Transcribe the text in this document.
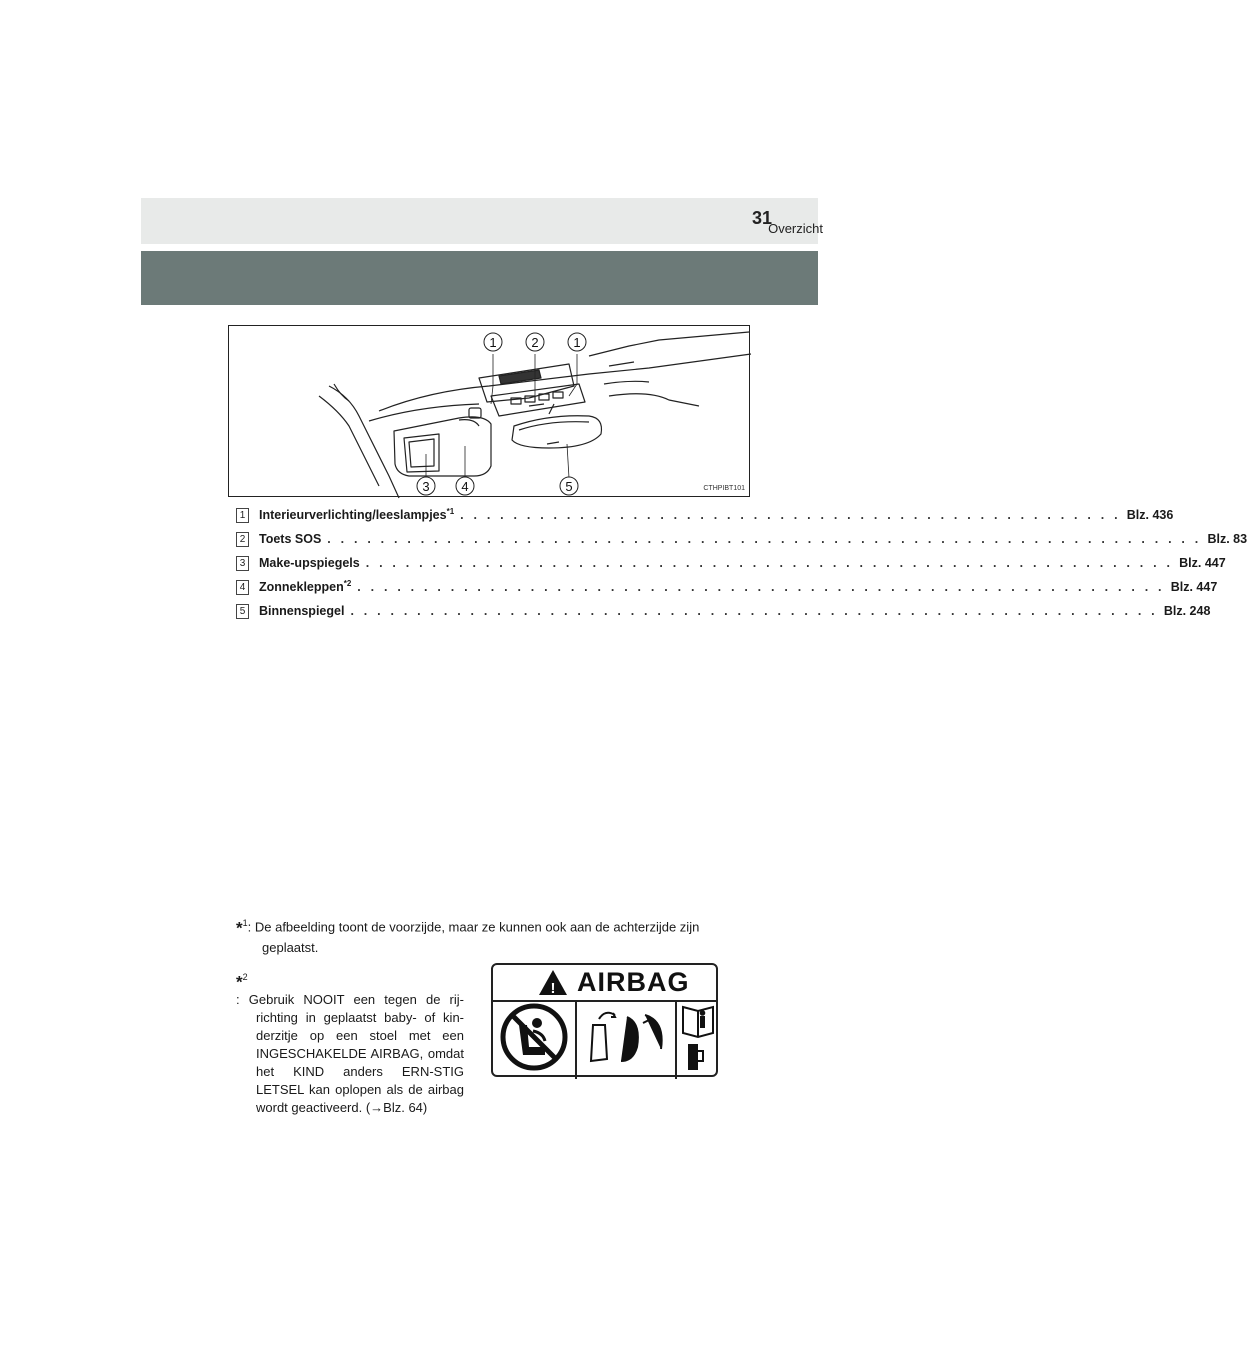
Overzicht
31
1	2	1
3 4	5	CTHPIBT101
1 Interieurverlichting/leeslampjes$^{*1}$ . . . . . . . . . . . . . . . . . . . . . . . . . . . . . . . . . . . . . . . . . . . . . . . . . . Blz. 436
2 Toets SOS . . . . . . . . . . . . . . . . . . . . . . . . . . . . . . . . . . . . . . . . . . . . . . . . . . . . . . . . . . . . . . . . . . Blz. 83
3 Make-upspiegels . . . . . . . . . . . . . . . . . . . . . . . . . . . . . . . . . . . . . . . . . . . . . . . . . . . . . . . . . . . . . Blz. 447
4 Zonnekleppen$^{*2}$ . . . . . . . . . . . . . . . . . . . . . . . . . . . . . . . . . . . . . . . . . . . . . . . . . . . . . . . . . . . . . Blz. 447
5 Binnenspiegel . . . . . . . . . . . . . . . . . . . . . . . . . . . . . . . . . . . . . . . . . . . . . . . . . . . . . . . . . . . . . Blz. 248
*$^1$: De afbeelding toont de voorzijde, maar ze kunnen ook aan de achterzijde zijn
geplaatst.
*$^2$
: Gebruik NOOIT een tegen de rij-richting in geplaatst baby- of kin-derzitje op een stoel met een INGESCHAKELDE AIRBAG, omdat het KIND anders ERN-STIG LETSEL kan oplopen als de airbag wordt geactiveerd. (→Blz. 64)
AIRBAG
!
